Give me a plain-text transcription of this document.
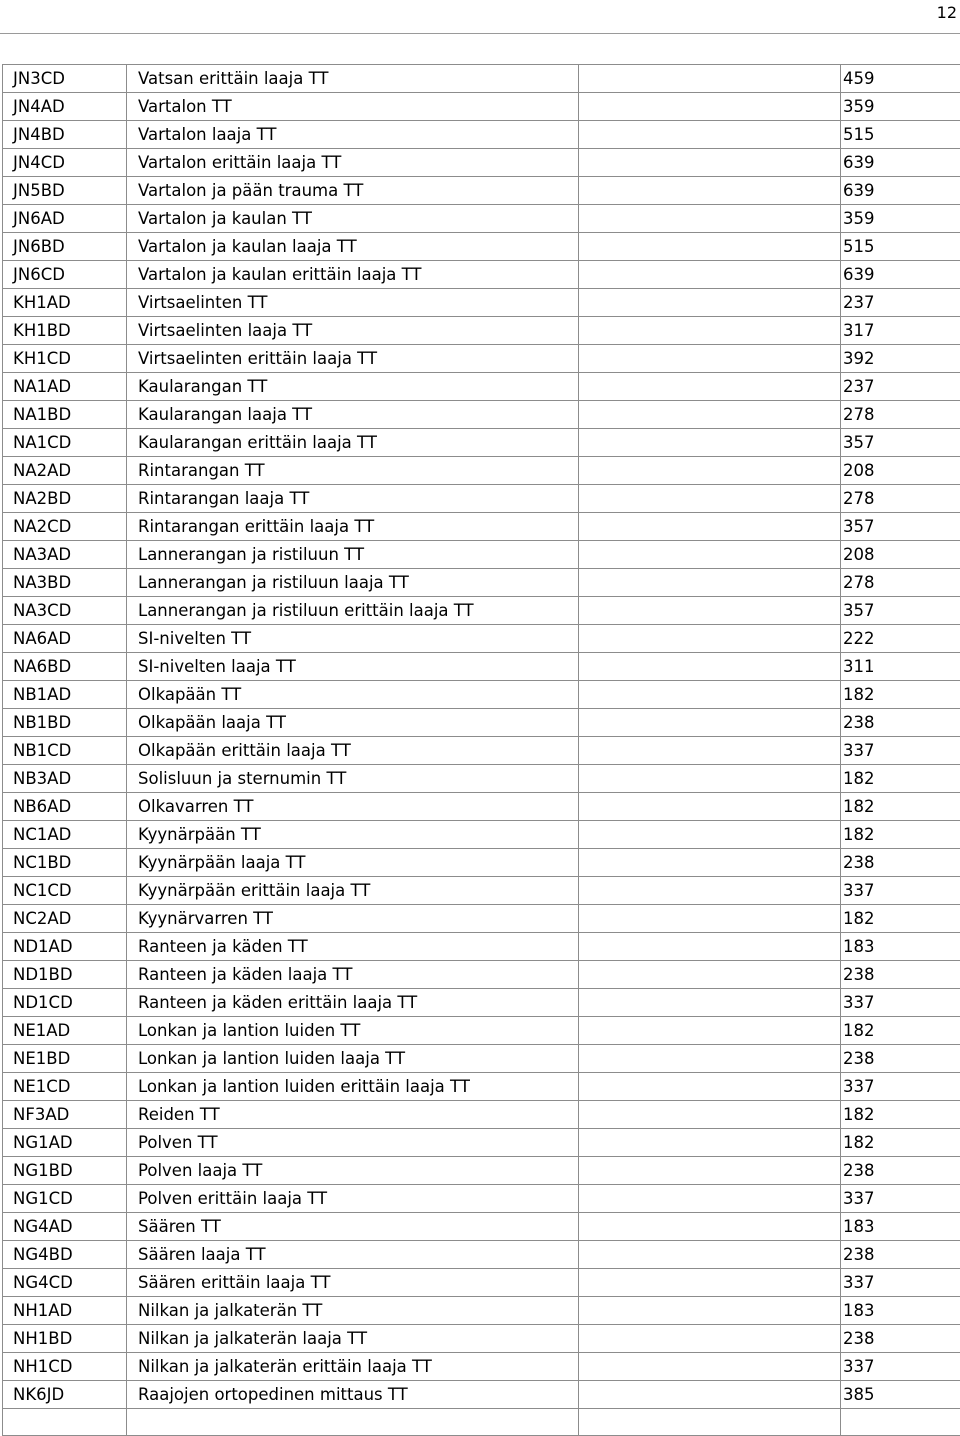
12
JN3CD	Vatsan erittäin laaja TT		459
JN4AD	Vartalon TT		359
JN4BD	Vartalon laaja TT		515
JN4CD	Vartalon erittäin laaja TT		639
JN5BD	Vartalon ja pään trauma TT		639
JN6AD	Vartalon ja kaulan TT		359
JN6BD	Vartalon ja kaulan laaja TT		515
JN6CD	Vartalon ja kaulan erittäin laaja TT		639
KH1AD	Virtsaelinten TT		237
KH1BD	Virtsaelinten laaja TT		317
KH1CD	Virtsaelinten erittäin laaja TT		392
NA1AD	Kaularangan TT		237
NA1BD	Kaularangan laaja TT		278
NA1CD	Kaularangan erittäin laaja TT		357
NA2AD	Rintarangan TT		208
NA2BD	Rintarangan laaja TT		278
NA2CD	Rintarangan erittäin laaja TT		357
NA3AD	Lannerangan ja ristiluun TT		208
NA3BD	Lannerangan ja ristiluun laaja TT		278
NA3CD	Lannerangan ja ristiluun erittäin laaja TT		357
NA6AD	SI-nivelten TT		222
NA6BD	SI-nivelten laaja TT		311
NB1AD	Olkapään TT		182
NB1BD	Olkapään laaja TT		238
NB1CD	Olkapään erittäin laaja TT		337
NB3AD	Solisluun ja sternumin TT		182
NB6AD	Olkavarren TT		182
NC1AD	Kyynärpään TT		182
NC1BD	Kyynärpään laaja TT		238
NC1CD	Kyynärpään erittäin laaja TT		337
NC2AD	Kyynärvarren TT		182
ND1AD	Ranteen ja käden TT		183
ND1BD	Ranteen ja käden laaja TT		238
ND1CD	Ranteen ja käden erittäin laaja TT		337
NE1AD	Lonkan ja lantion luiden TT		182
NE1BD	Lonkan ja lantion luiden laaja TT		238
NE1CD	Lonkan ja lantion luiden erittäin laaja TT		337
NF3AD	Reiden TT		182
NG1AD	Polven TT		182
NG1BD	Polven laaja TT		238
NG1CD	Polven erittäin laaja TT		337
NG4AD	Säären TT		183
NG4BD	Säären laaja TT		238
NG4CD	Säären erittäin laaja TT		337
NH1AD	Nilkan ja jalkaterän TT		183
NH1BD	Nilkan ja jalkaterän laaja TT		238
NH1CD	Nilkan ja jalkaterän erittäin laaja TT		337
NK6JD	Raajojen ortopedinen mittaus TT		385
